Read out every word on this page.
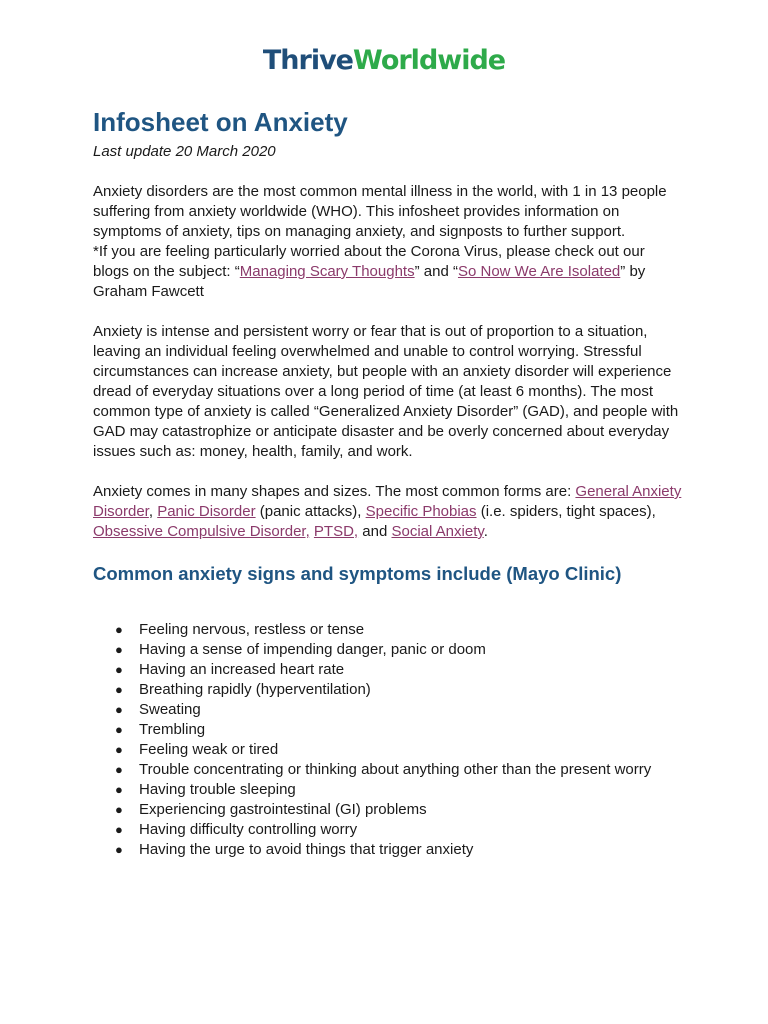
ThriveWorldwide
Infosheet on Anxiety

Last update 20 March 2020

Anxiety disorders are the most common mental illness in the world, with 1 in 13 people suffering from anxiety worldwide (WHO). This infosheet provides information on symptoms of anxiety, tips on managing anxiety, and signposts to further support.

*If you are feeling particularly worried about the Corona Virus, please check out our blogs on the subject: “Managing Scary Thoughts” and “So Now We Are Isolated” by Graham Fawcett

Anxiety is intense and persistent worry or fear that is out of proportion to a situation, leaving an individual feeling overwhelmed and unable to control worrying. Stressful circumstances can increase anxiety, but people with an anxiety disorder will experience dread of everyday situations over a long period of time (at least 6 months). The most common type of anxiety is called “Generalized Anxiety Disorder” (GAD), and people with GAD may catastrophize or anticipate disaster and be overly concerned about everyday issues such as: money, health, family, and work.

Anxiety comes in many shapes and sizes. The most common forms are: General Anxiety Disorder, Panic Disorder (panic attacks), Specific Phobias (i.e. spiders, tight spaces), Obsessive Compulsive Disorder, PTSD, and Social Anxiety.

Common anxiety signs and symptoms include (Mayo Clinic)
● Feeling nervous, restless or tense
● Having a sense of impending danger, panic or doom
● Having an increased heart rate
● Breathing rapidly (hyperventilation)
● Sweating
● Trembling
● Feeling weak or tired
● Trouble concentrating or thinking about anything other than the present worry
● Having trouble sleeping
● Experiencing gastrointestinal (GI) problems
● Having difficulty controlling worry
● Having the urge to avoid things that trigger anxiety
